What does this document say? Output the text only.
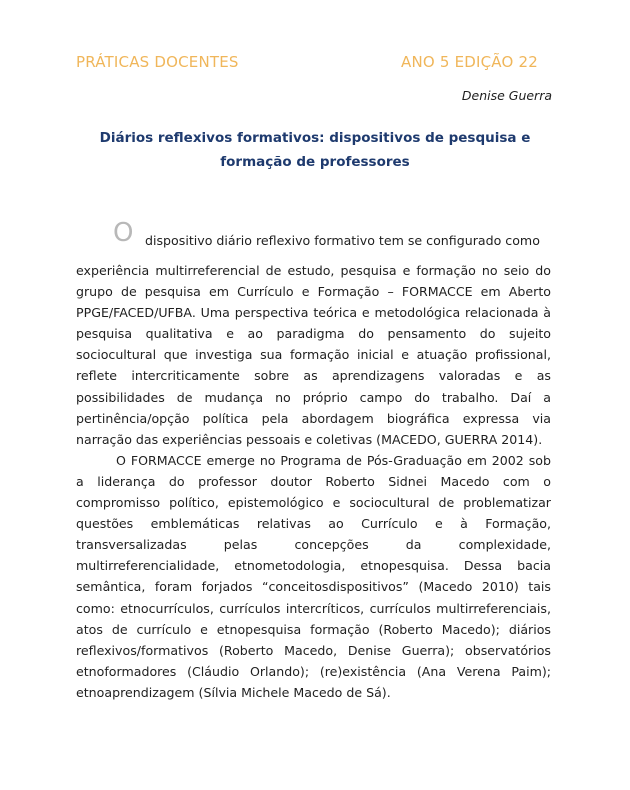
PRÁTICAS DOCENTES	ANO 5 EDIÇÃO 22
Denise Guerra
Diários reflexivos formativos: dispositivos de pesquisa e formação de professores
O dispositivo diário reflexivo formativo tem se configurado como

experiência multirreferencial de estudo, pesquisa e formação no seio do grupo de pesquisa em Currículo e Formação – FORMACCE em Aberto PPGE/FACED/UFBA. Uma perspectiva teórica e metodológica relacionada à pesquisa qualitativa e ao paradigma do pensamento do sujeito sociocultural que investiga sua formação inicial e atuação profissional, reflete intercriticamente sobre as aprendizagens valoradas e as possibilidades de mudança no próprio campo do trabalho. Daí a pertinência/opção política pela abordagem biográfica expressa via narração das experiências pessoais e coletivas (MACEDO, GUERRA 2014).

O FORMACCE emerge no Programa de Pós-Graduação em 2002 sob a liderança do professor doutor Roberto Sidnei Macedo com o compromisso político, epistemológico e sociocultural de problematizar questões emblemáticas relativas ao Currículo e à Formação, transversalizadas pelas concepções da complexidade, multirreferencialidade, etnometodologia, etnopesquisa. Dessa bacia semântica, foram forjados “conceitosdispositivos” (Macedo 2010) tais como: etnocurrículos, currículos intercríticos, currículos multirreferenciais, atos de currículo e etnopesquisa formação (Roberto Macedo); diários reflexivos/formativos (Roberto Macedo, Denise Guerra); observatórios etnoformadores (Cláudio Orlando); (re)existência (Ana Verena Paim); etnoaprendizagem (Sílvia Michele Macedo de Sá).
